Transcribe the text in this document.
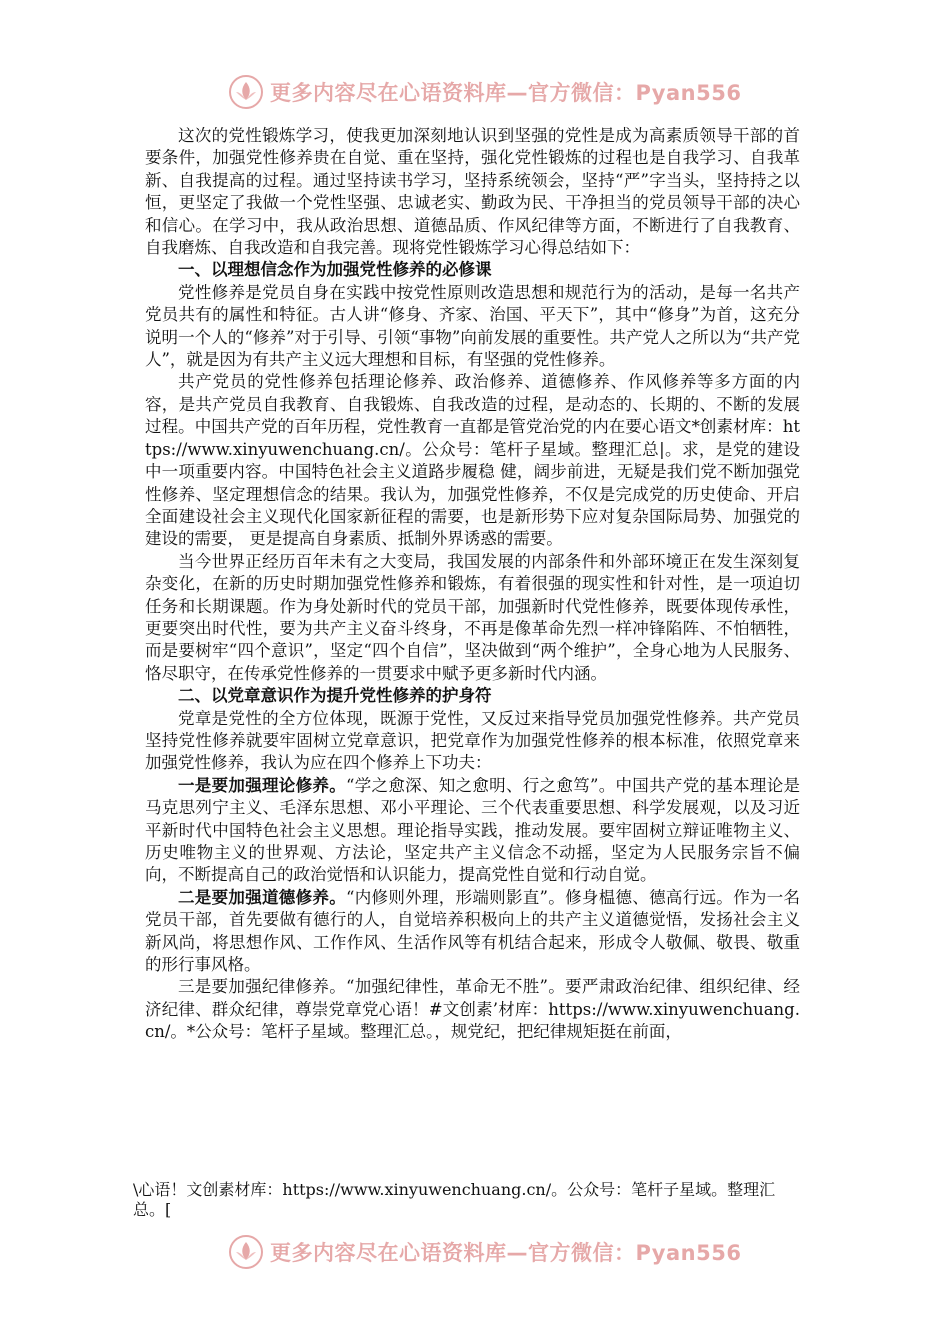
更多内容尽在心语资料库—官方微信：Pyan556

这次的党性锻炼学习，使我更加深刻地认识到坚强的党性是成为高素质领导干部的首要条件，加强党性修养贵在自觉、重在坚持，强化党性锻炼的过程也是自我学习、自我革新、自我提高的过程。通过坚持读书学习，坚持系统领会，坚持“严”字当头，坚持持之以恒，更坚定了我做一个党性坚强、忠诚老实、勤政为民、干净担当的党员领导干部的决心和信心。在学习中，我从政治思想、道德品质、作风纪律等方面，不断进行了自我教育、自我磨炼、自我改造和自我完善。现将党性锻炼学习心得总结如下：

一、以理想信念作为加强党性修养的必修课

党性修养是党员自身在实践中按党性原则改造思想和规范行为的活动，是每一名共产党员共有的属性和特征。古人讲“修身、齐家、治国、平天下”，其中“修身”为首，这充分说明一个人的“修养”对于引导、引领“事物”向前发展的重要性。共产党人之所以为“共产党人”，就是因为有共产主义远大理想和目标，有坚强的党性修养。

共产党员的党性修养包括理论修养、政治修养、道德修养、作风修养等多方面的内容，是共产党员自我教育、自我锻炼、自我改造的过程，是动态的、长期的、不断的发展过程。中国共产党的百年历程，党性教育一直都是管党治党的内在要心语文*创素材库：https://www.xinyuwenchuang.cn/。公众号：笔杆子星域。整理汇总|。求，是党的建设中一项重要内容。中国特色社会主义道路步履稳 健，阔步前进，无疑是我们党不断加强党性修养、坚定理想信念的结果。我认为，加强党性修养，不仅是完成党的历史使命、开启全面建设社会主义现代化国家新征程的需要，也是新形势下应对复杂国际局势、加强党的建设的需要， 更是提高自身素质、抵制外界诱惑的需要。

当今世界正经历百年未有之大变局，我国发展的内部条件和外部环境正在发生深刻复杂变化，在新的历史时期加强党性修养和锻炼，有着很强的现实性和针对性，是一项迫切任务和长期课题。作为身处新时代的党员干部，加强新时代党性修养，既要体现传承性，更要突出时代性，要为共产主义奋斗终身，不再是像革命先烈一样冲锋陷阵、不怕牺牲，而是要树牢“四个意识”，坚定“四个自信”，坚决做到“两个维护”，全身心地为人民服务、恪尽职守，在传承党性修养的一贯要求中赋予更多新时代内涵。

二、以党章意识作为提升党性修养的护身符

党章是党性的全方位体现，既源于党性，又反过来指导党员加强党性修养。共产党员坚持党性修养就要牢固树立党章意识，把党章作为加强党性修养的根本标准，依照党章来加强党性修养，我认为应在四个修养上下功夫：

一是要加强理论修养。“学之愈深、知之愈明、行之愈笃”。中国共产党的基本理论是马克思列宁主义、毛泽东思想、邓小平理论、三个代表重要思想、科学发展观，以及习近平新时代中国特色社会主义思想。理论指导实践，推动发展。要牢固树立辩证唯物主义、历史唯物主义的世界观、方法论，坚定共产主义信念不动摇，坚定为人民服务宗旨不偏向，不断提高自己的政治觉悟和认识能力，提高党性自觉和行动自觉。

二是要加强道德修养。“内修则外理，形端则影直”。修身榅德、德高行远。作为一名党员干部，首先要做有德行的人，自觉培养积极向上的共产主义道德觉悟，发扬社会主义新风尚，将思想作风、工作作风、生活作风等有机结合起来，形成令人敬佩、敬畏、敬重的形行事风格。

三是要加强纪律修养。“加强纪律性，革命无不胜”。要严肃政治纪律、组织纪律、经济纪律、群众纪律，尊崇党章党心语！#文创素’材库：https://www.xinyuwenchuang.cn/。*公众号：笔杆子星域。整理汇总。，规党纪，把纪律规矩挺在前面，

\心语！文创素材库：https://www.xinyuwenchuang.cn/。公众号：笔杆子星域。整理汇总。[

更多内容尽在心语资料库—官方微信：Pyan556
